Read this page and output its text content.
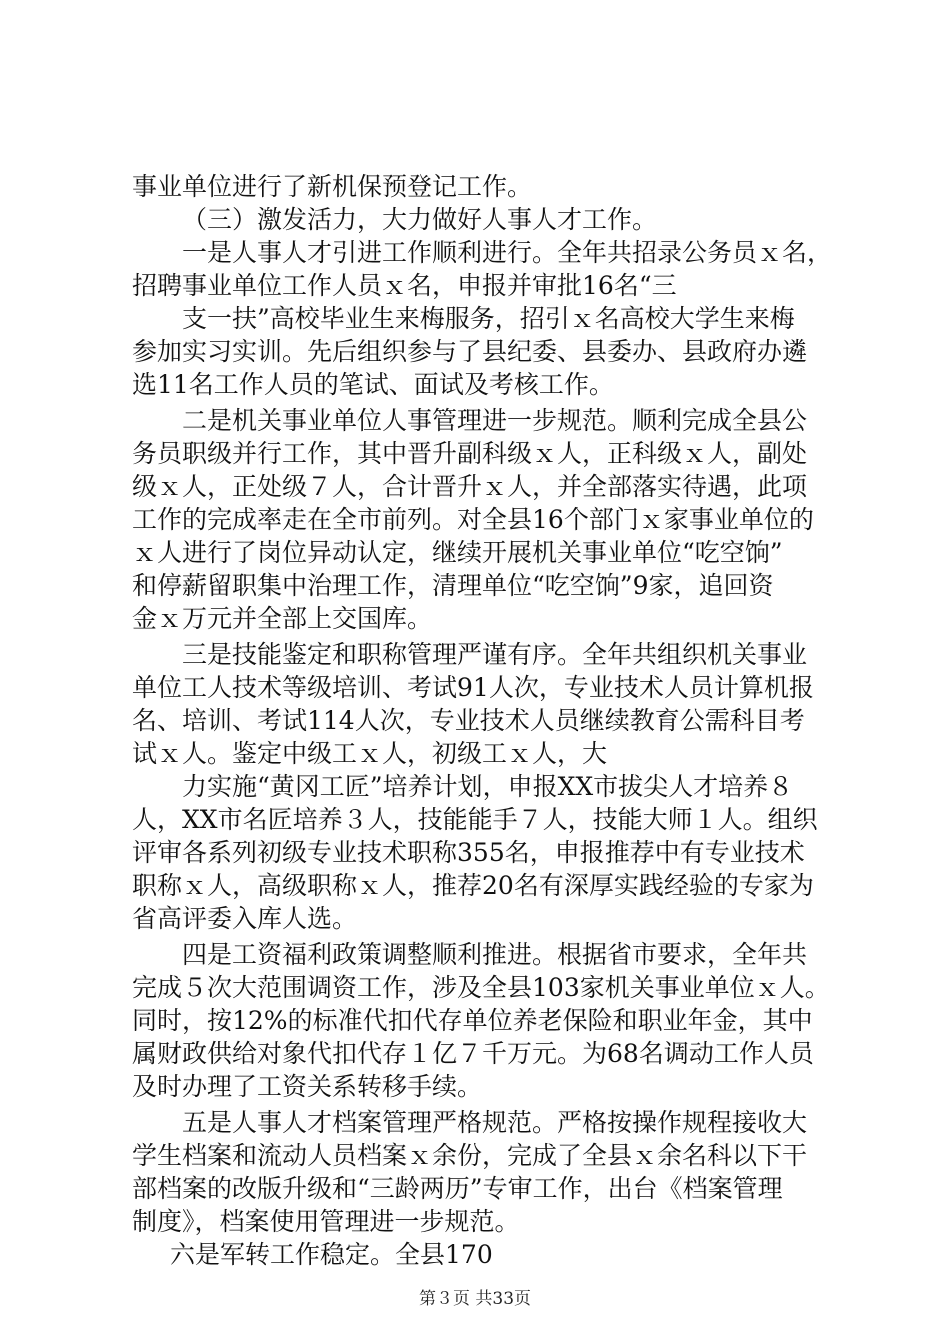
事业单位进行了新机保预登记工作。
（三）激发活力，大力做好人事人才工作。
一是人事人才引进工作顺利进行。全年共招录公务员ｘ名，
招聘事业单位工作人员ｘ名，申报并审批16名“三
支一扶”高校毕业生来梅服务，招引ｘ名高校大学生来梅
参加实习实训。先后组织参与了县纪委、县委办、县政府办遴
选11名工作人员的笔试、面试及考核工作。
二是机关事业单位人事管理进一步规范。顺利完成全县公
务员职级并行工作，其中晋升副科级ｘ人，正科级ｘ人，副处
级ｘ人，正处级７人，合计晋升ｘ人，并全部落实待遇，此项
工作的完成率走在全市前列。对全县16个部门ｘ家事业单位的
ｘ人进行了岗位异动认定，继续开展机关事业单位“吃空饷”
和停薪留职集中治理工作，清理单位“吃空饷”9家，追回资
金ｘ万元并全部上交国库。
三是技能鉴定和职称管理严谨有序。全年共组织机关事业
单位工人技术等级培训、考试91人次，专业技术人员计算机报
名、培训、考试114人次，专业技术人员继续教育公需科目考
试ｘ人。鉴定中级工ｘ人，初级工ｘ人，大
力实施“黄冈工匠”培养计划，申报XX市拔尖人才培养８
人，XX市名匠培养３人，技能能手７人，技能大师１人。组织
评审各系列初级专业技术职称355名，申报推荐中有专业技术
职称ｘ人，高级职称ｘ人，推荐20名有深厚实践经验的专家为
省高评委入库人选。
四是工资福利政策调整顺利推进。根据省市要求，全年共
完成５次大范围调资工作，涉及全县103家机关事业单位ｘ人。
同时，按12%的标准代扣代存单位养老保险和职业年金，其中
属财政供给对象代扣代存１亿７千万元。为68名调动工作人员
及时办理了工资关系转移手续。
五是人事人才档案管理严格规范。严格按操作规程接收大
学生档案和流动人员档案ｘ余份，完成了全县ｘ余名科以下干
部档案的改版升级和“三龄两历”专审工作，出台《档案管理
制度》，档案使用管理进一步规范。
六是军转工作稳定。全县170
第３页 共33页
